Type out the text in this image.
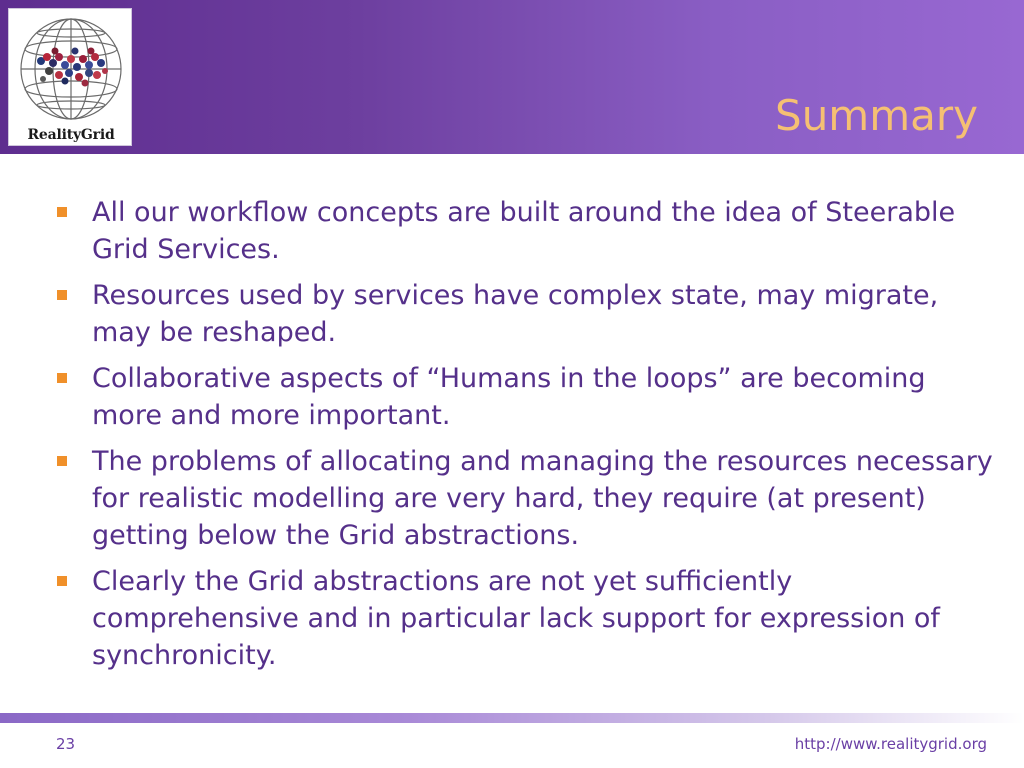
RealityGrid	Summary
All our workflow concepts are built around the idea of Steerable Grid Services.
Resources used by services have complex state, may migrate, may be reshaped.
Collaborative aspects of “Humans in the loops” are becoming more and more important.
The problems of allocating and managing the resources necessary for realistic modelling are very hard, they require (at present) getting below the Grid abstractions.
Clearly the Grid abstractions are not yet sufficiently comprehensive and in particular lack support for expression of synchronicity.
23	http://www.realitygrid.org
